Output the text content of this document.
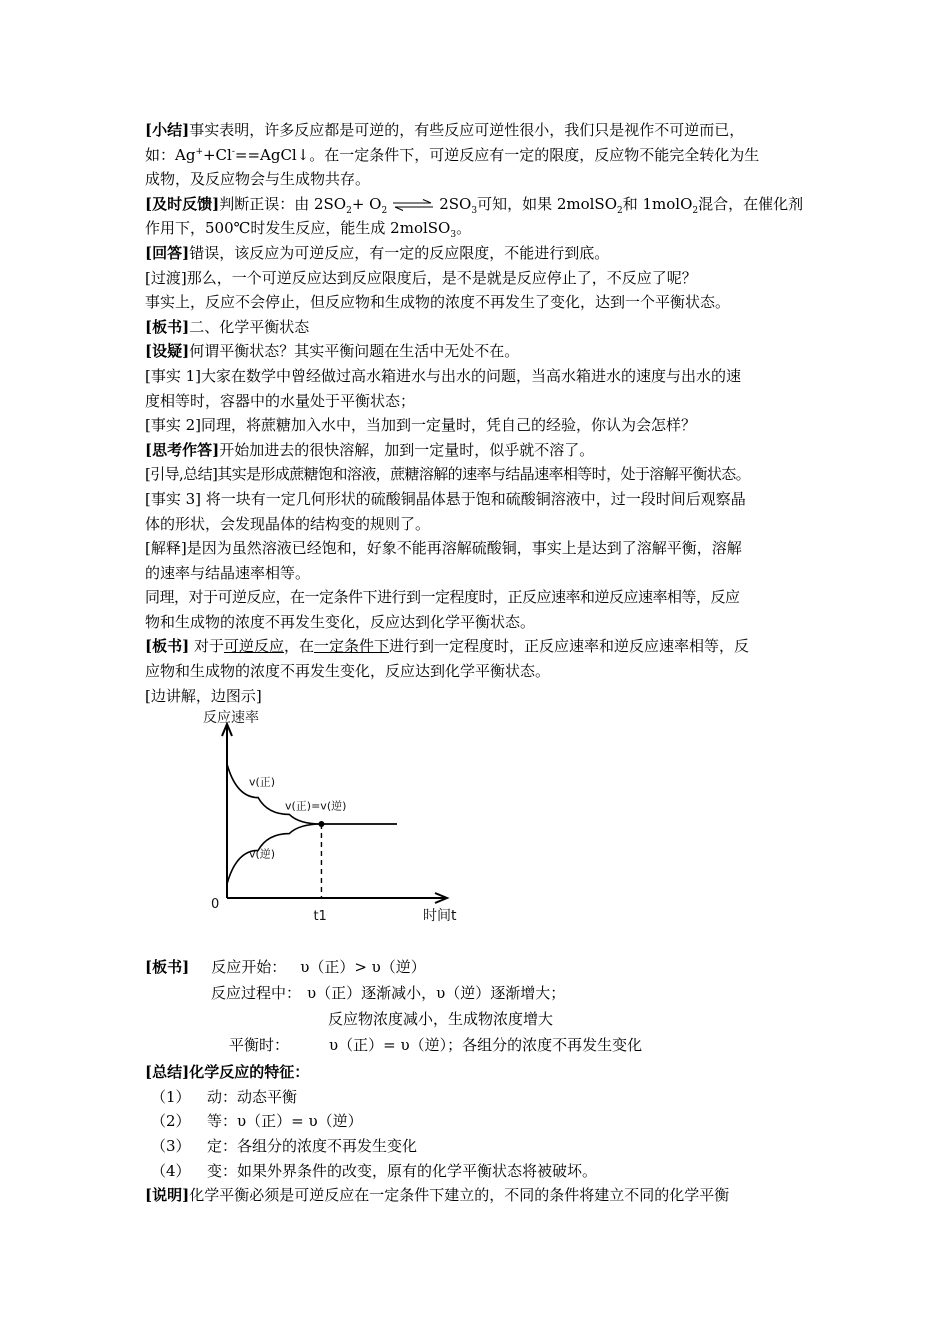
[小结]事实表明，许多反应都是可逆的，有些反应可逆性很小，我们只是视作不可逆而已，
如：Ag++Cl-==AgCl↓。在一定条件下，可逆反应有一定的限度，反应物不能完全转化为生
成物，及反应物会与生成物共存。
[及时反馈]判断正误：由 $2SO_2+ O_2$ ⇌ $2SO_3$可知，如果 2molSO$_2$和 1molO$_2$混合，在催化剂
作用下，500℃时发生反应，能生成 2molSO$_3$。
[回答]错误，该反应为可逆反应，有一定的反应限度，不能进行到底。
[过渡]那么，一个可逆反应达到反应限度后，是不是就是反应停止了，不反应了呢？
事实上，反应不会停止，但反应物和生成物的浓度不再发生了变化，达到一个平衡状态。
[板书]二、化学平衡状态
[设疑]何谓平衡状态？其实平衡问题在生活中无处不在。
[事实 1]大家在数学中曾经做过高水箱进水与出水的问题，当高水箱进水的速度与出水的速
度相等时，容器中的水量处于平衡状态；
[事实 2]同理，将蔗糖加入水中，当加到一定量时，凭自己的经验，你认为会怎样？
[思考作答]开始加进去的很快溶解，加到一定量时，似乎就不溶了。
[引导,总结]其实是形成蔗糖饱和溶液，蔗糖溶解的速率与结晶速率相等时，处于溶解平衡状态。
[事实 3] 将一块有一定几何形状的硫酸铜晶体悬于饱和硫酸铜溶液中，过一段时间后观察晶
体的形状，会发现晶体的结构变的规则了。
[解释]是因为虽然溶液已经饱和，好象不能再溶解硫酸铜，事实上是达到了溶解平衡，溶解
的速率与结晶速率相等。
同理，对于可逆反应，在一定条件下进行到一定程度时，正反应速率和逆反应速率相等，反应
物和生成物的浓度不再发生变化，反应达到化学平衡状态。
[板书] 对于可逆反应，在一定条件下进行到一定程度时，正反应速率和逆反应速率相等，反
应物和生成物的浓度不再发生变化，反应达到化学平衡状态。
[边讲解，边图示]
反应速率
时间t
0
t1
v(正)
v(逆)
v(正)=v(逆)
[板书] 反应开始： υ（正）> υ（逆）
反应过程中： υ（正）逐渐减小，υ（逆）逐渐增大；
反应物浓度减小，生成物浓度增大
平衡时：	υ（正）= υ（逆）；各组分的浓度不再发生变化
[总结]化学反应的特征：
（1） 动：动态平衡
（2） 等：υ（正）= υ（逆）
（3） 定：各组分的浓度不再发生变化
（4） 变：如果外界条件的改变，原有的化学平衡状态将被破坏。
[说明]化学平衡必须是可逆反应在一定条件下建立的，不同的条件将建立不同的化学平衡
